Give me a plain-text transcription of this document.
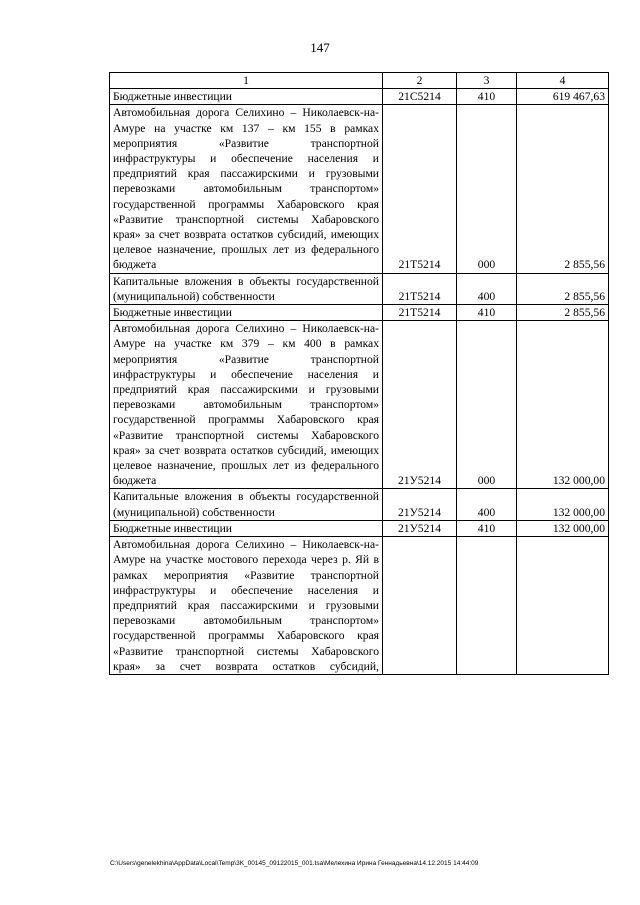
147
1	2	3	4
Бюджетные инвестиции	21С5214	410	619 467,63
Автомобильная дорога Селихино – Николаевск-на-Амуре на участке км 137 – км 155 в рамках мероприятия «Развитие транспортной инфраструктуры и обеспечение населения и предприятий края пассажирскими и грузовыми перевозками автомобильным транспортом» государственной программы Хабаровского края «Развитие транспортной системы Хабаровского края» за счет возврата остатков субсидий, имеющих целевое назначение, прошлых лет из федерального бюджета	21Т5214	000	2 855,56
Капитальные вложения в объекты государственной (муниципальной) собственности	21Т5214	400	2 855,56
Бюджетные инвестиции	21Т5214	410	2 855,56
Автомобильная дорога Селихино – Николаевск-на-Амуре на участке км 379 – км 400 в рамках мероприятия «Развитие транспортной инфраструктуры и обеспечение населения и предприятий края пассажирскими и грузовыми перевозками автомобильным транспортом» государственной программы Хабаровского края «Развитие транспортной системы Хабаровского края» за счет возврата остатков субсидий, имеющих целевое назначение, прошлых лет из федерального бюджета	21У5214	000	132 000,00
Капитальные вложения в объекты государственной (муниципальной) собственности	21У5214	400	132 000,00
Бюджетные инвестиции	21У5214	410	132 000,00
Автомобильная дорога Селихино – Николаевск-на-Амуре на участке мостового перехода через р. Яй в рамках мероприятия «Развитие транспортной инфраструктуры и обеспечение населения и предприятий края пассажирскими и грузовыми перевозками автомобильным транспортом» государственной программы Хабаровского края «Развитие транспортной системы Хабаровского края» за счет возврата остатков субсидий,			
C:\Users\genelekhina\AppData\Local\Temp\3K_00145_09122015_001.tsa\Мелехина Ирина Геннадьевна\14.12.2015 14:44:09
